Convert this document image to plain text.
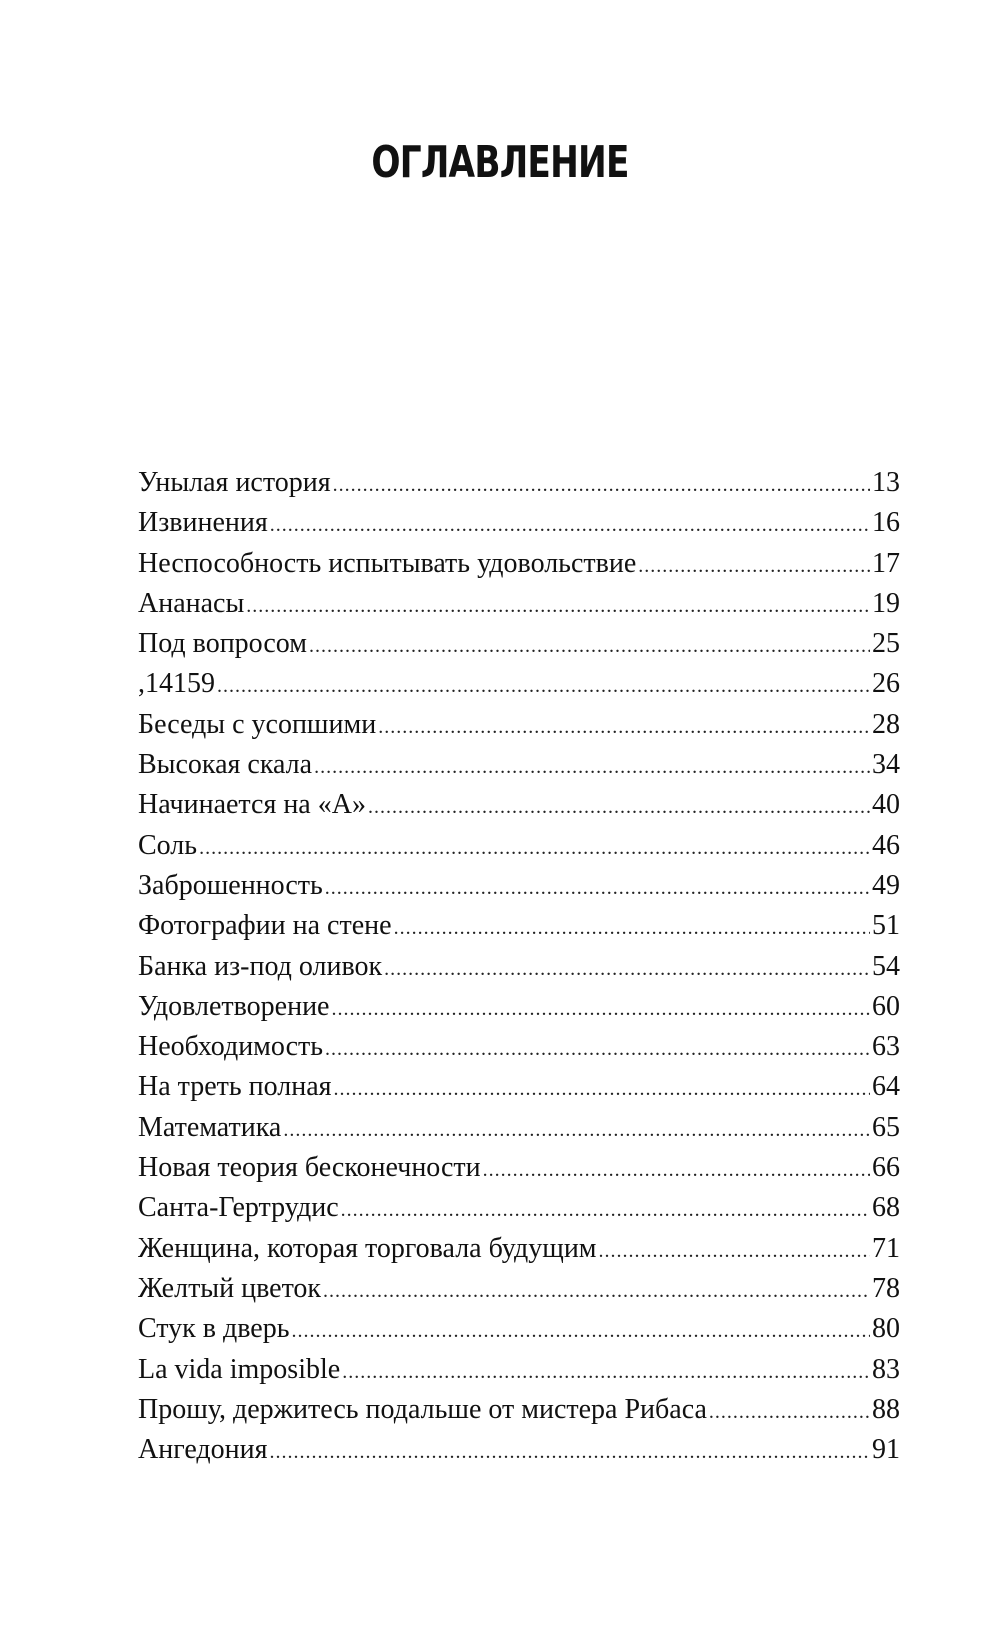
ОГЛАВЛЕНИЕ
Унылая история .....	13
Извинения .....	16
Неспособность испытывать удовольствие .....	17
Ананасы .....	19
Под вопросом .....	25
,14159 .....	26
Беседы с усопшими .....	28
Высокая скала .....	34
Начинается на «А» .....	40
Соль .....	46
Заброшенность .....	49
Фотографии на стене .....	51
Банка из-под оливок .....	54
Удовлетворение .....	60
Необходимость .....	63
На треть полная .....	64
Математика .....	65
Новая теория бесконечности .....	66
Санта-Гертрудис .....	68
Женщина, которая торговала будущим .....	71
Желтый цветок .....	78
Стук в дверь .....	80
La vida imposible .....	83
Прошу, держитесь подальше от мистера Рибаса .....	88
Ангедония .....	91
